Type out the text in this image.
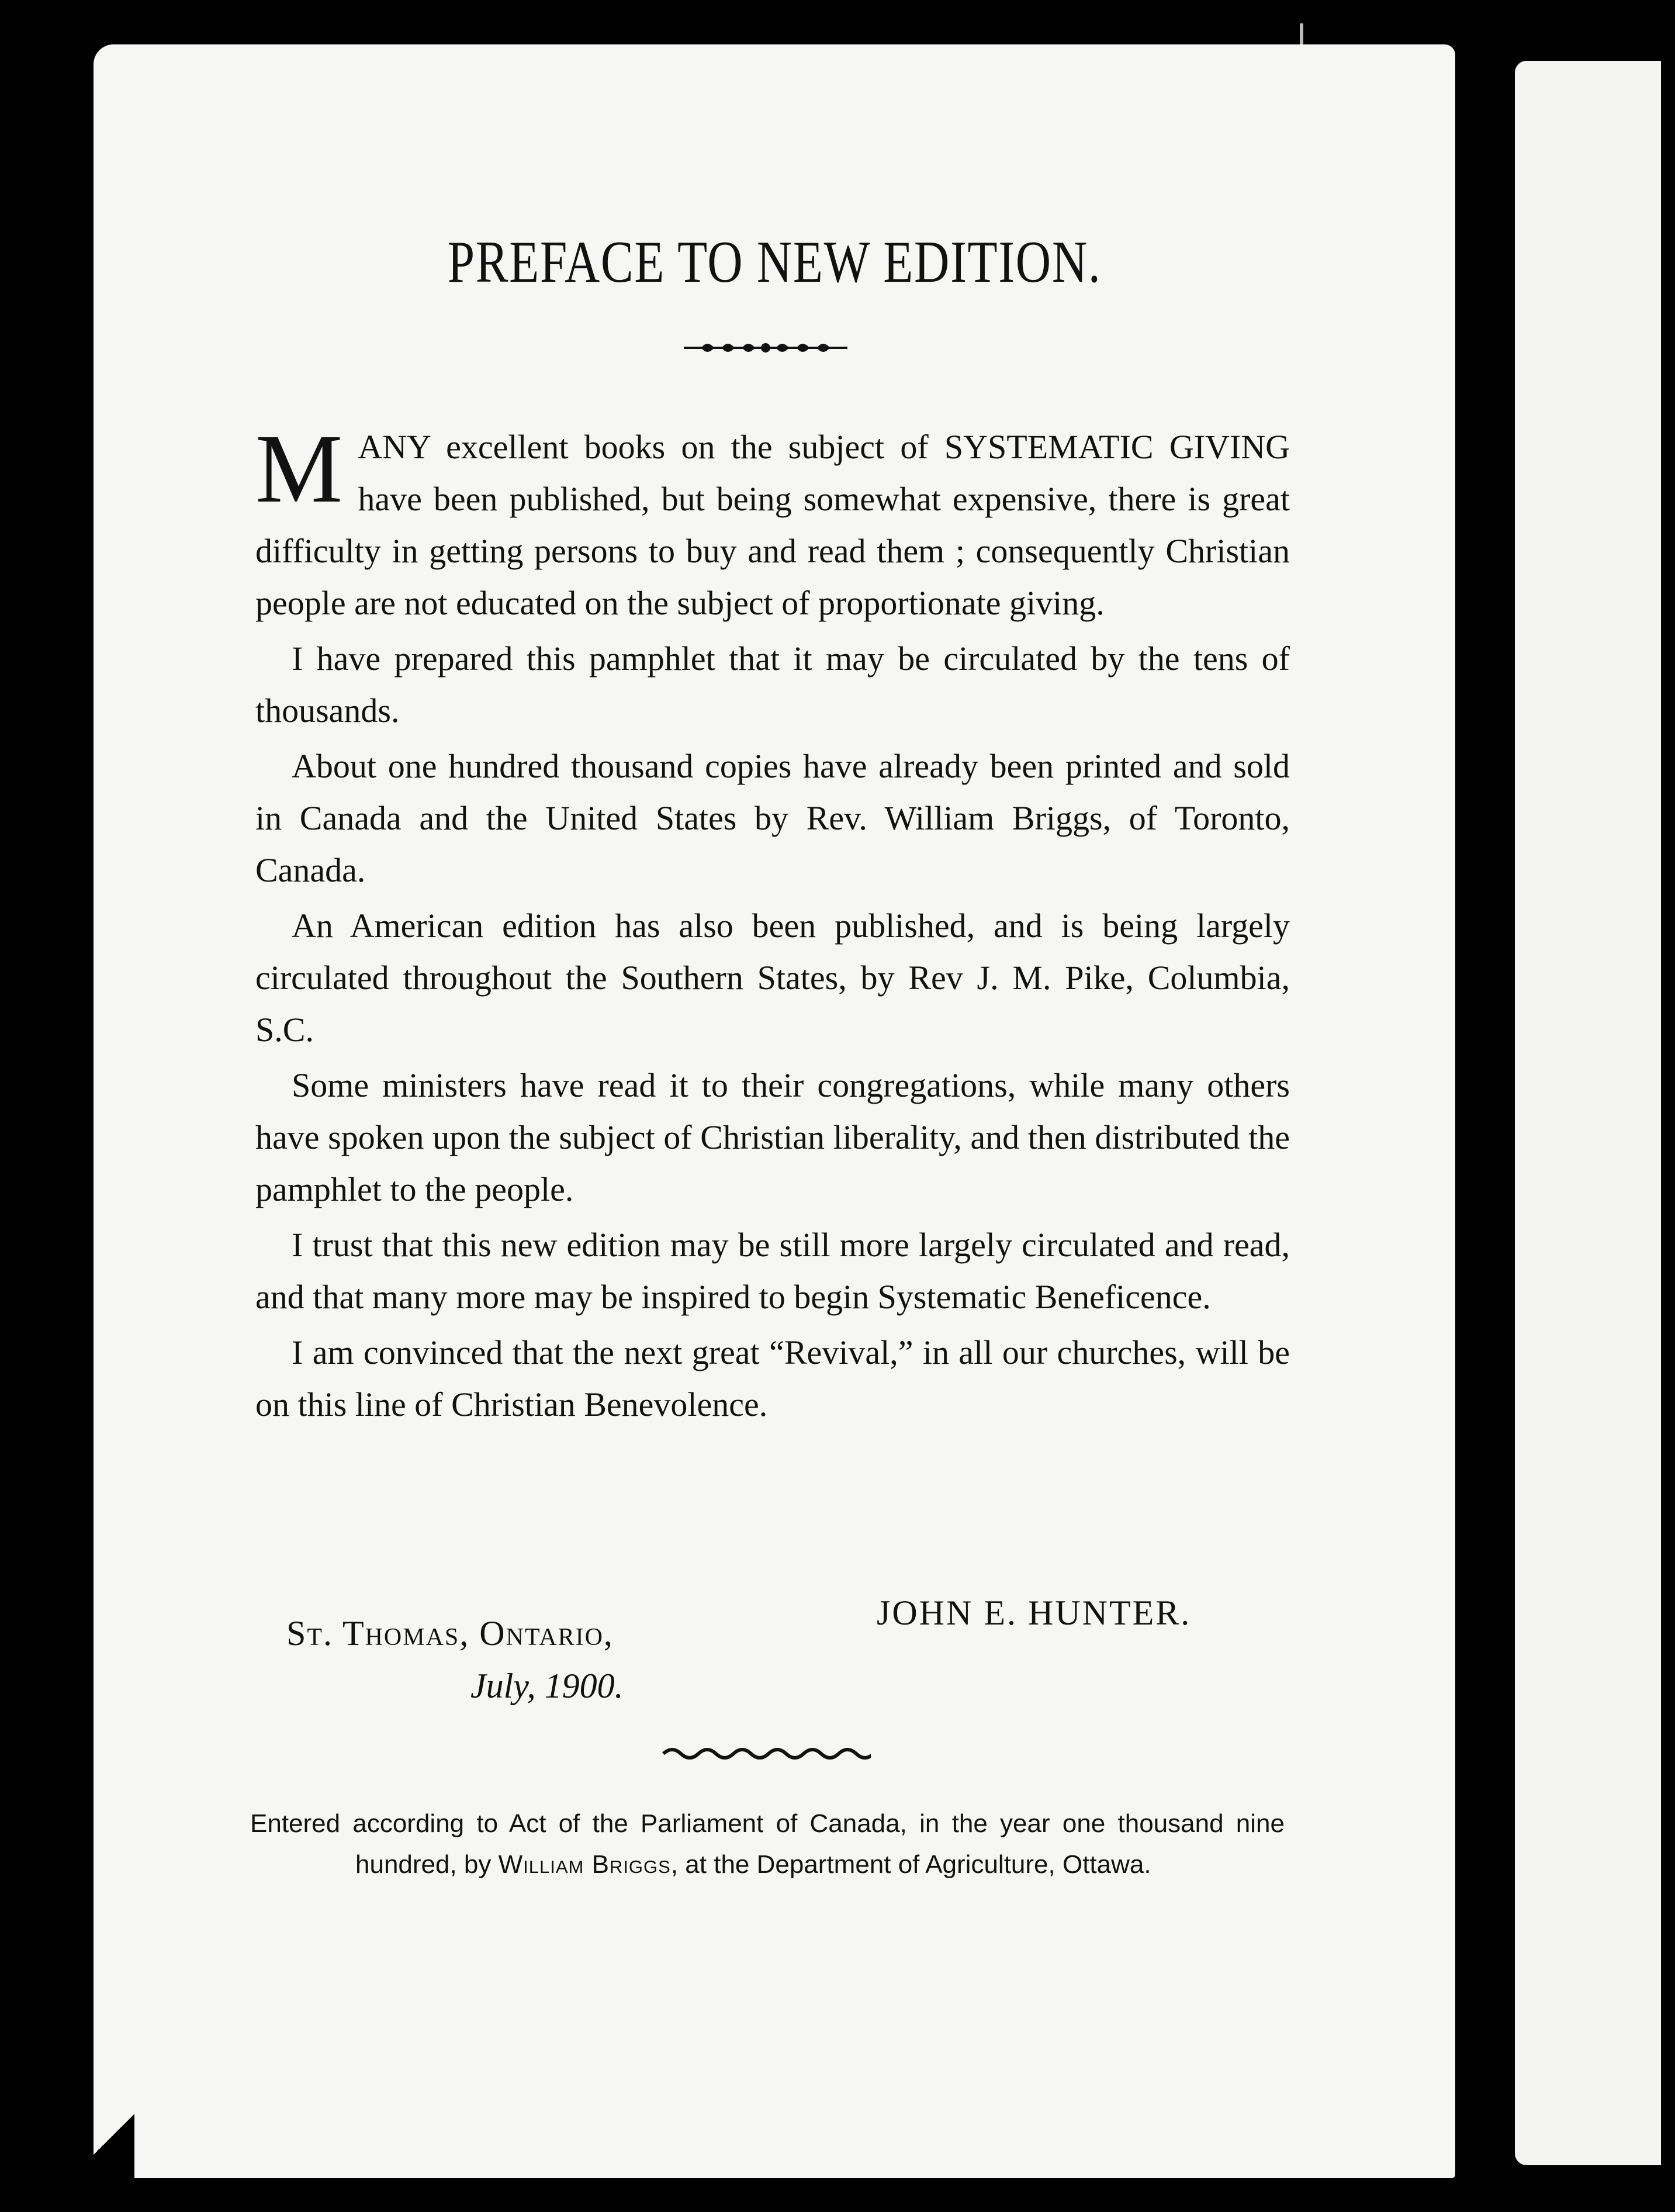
PREFACE TO NEW EDITION.

MANY excellent books on the subject of SYSTEMATIC GIVING have been published, but being somewhat expensive, there is great difficulty in getting persons to buy and read them ; consequently Christian people are not educated on the subject of proportionate giving.

I have prepared this pamphlet that it may be circulated by the tens of thousands.

About one hundred thousand copies have already been printed and sold in Canada and the United States by Rev. William Briggs, of Toronto, Canada.

An American edition has also been published, and is being largely circulated throughout the Southern States, by Rev J. M. Pike, Columbia, S.C.

Some ministers have read it to their congregations, while many others have spoken upon the subject of Christian liberality, and then distributed the pamphlet to the people.

I trust that this new edition may be still more largely circulated and read, and that many more may be inspired to begin Systematic Beneficence.

I am convinced that the next great “Revival,” in all our churches, will be on this line of Christian Benevolence.

JOHN E. HUNTER.
St. Thomas, Ontario,
July, 1900.
Entered according to Act of the Parliament of Canada, in the year one thousand nine hundred, by William Briggs, at the Department of Agriculture, Ottawa.
